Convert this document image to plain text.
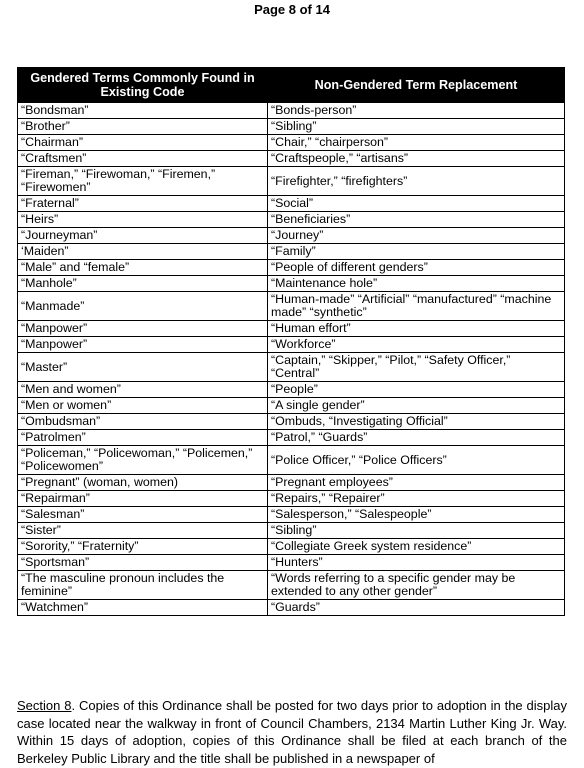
Page 8 of 14
Gendered Terms Commonly Found in Existing Code	Non-Gendered Term Replacement
“Bondsman”	“Bonds-person”
“Brother”	“Sibling”
“Chairman”	“Chair,” “chairperson”
“Craftsmen”	“Craftspeople,” “artisans”
“Fireman,” “Firewoman,” “Firemen,” “Firewomen”	“Firefighter,” “firefighters”
“Fraternal”	“Social”
“Heirs”	“Beneficiaries”
“Journeyman”	“Journey”
‘Maiden”	“Family”
“Male” and “female”	“People of different genders”
“Manhole”	“Maintenance hole”
“Manmade”	“Human-made” “Artificial” “manufactured” “machine made” “synthetic”
“Manpower”	“Human effort”
“Manpower”	“Workforce”
“Master”	“Captain,” “Skipper,” “Pilot,” “Safety Officer,” “Central”
“Men and women”	“People”
“Men or women”	“A single gender”
“Ombudsman”	“Ombuds, “Investigating Official”
“Patrolmen”	“Patrol,” “Guards”
“Policeman,” “Policewoman,” “Policemen,” “Policewomen”	“Police Officer,” “Police Officers”
“Pregnant” (woman, women)	“Pregnant employees”
“Repairman”	“Repairs,” “Repairer”
“Salesman”	“Salesperson,” “Salespeople”
“Sister”	“Sibling”
“Sorority,” “Fraternity”	“Collegiate Greek system residence”
“Sportsman”	“Hunters”
“The masculine pronoun includes the feminine”	“Words referring to a specific gender may be extended to any other gender”
“Watchmen”	“Guards”
Section 8. Copies of this Ordinance shall be posted for two days prior to adoption in the display case located near the walkway in front of Council Chambers, 2134 Martin Luther King Jr. Way. Within 15 days of adoption, copies of this Ordinance shall be filed at each branch of the Berkeley Public Library and the title shall be published in a newspaper of
